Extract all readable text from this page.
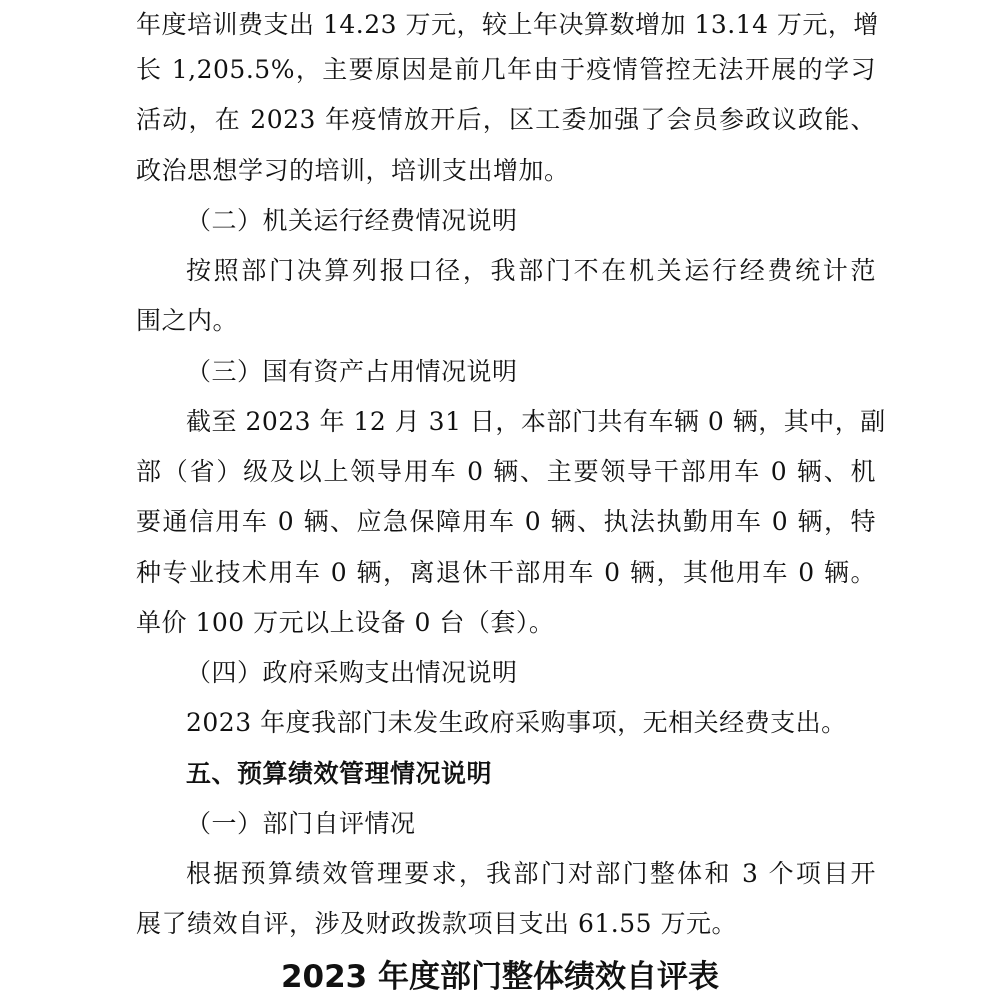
年度培训费支出 14.23 万元，较上年决算数增加 13.14 万元，增
长 1,205.5%，主要原因是前几年由于疫情管控无法开展的学习
活动，在 2023 年疫情放开后，区工委加强了会员参政议政能、
政治思想学习的培训，培训支出增加。
（二）机关运行经费情况说明
按照部门决算列报口径，我部门不在机关运行经费统计范
围之内。
（三）国有资产占用情况说明
截至 2023 年 12 月 31 日，本部门共有车辆 0 辆，其中，副
部（省）级及以上领导用车 0 辆、主要领导干部用车 0 辆、机
要通信用车 0 辆、应急保障用车 0 辆、执法执勤用车 0 辆，特
种专业技术用车 0 辆，离退休干部用车 0 辆，其他用车 0 辆。
单价 100 万元以上设备 0 台（套）。
（四）政府采购支出情况说明
2023 年度我部门未发生政府采购事项，无相关经费支出。
五、预算绩效管理情况说明
（一）部门自评情况
根据预算绩效管理要求，我部门对部门整体和 3 个项目开
展了绩效自评，涉及财政拨款项目支出 61.55 万元。
2023 年度部门整体绩效自评表
